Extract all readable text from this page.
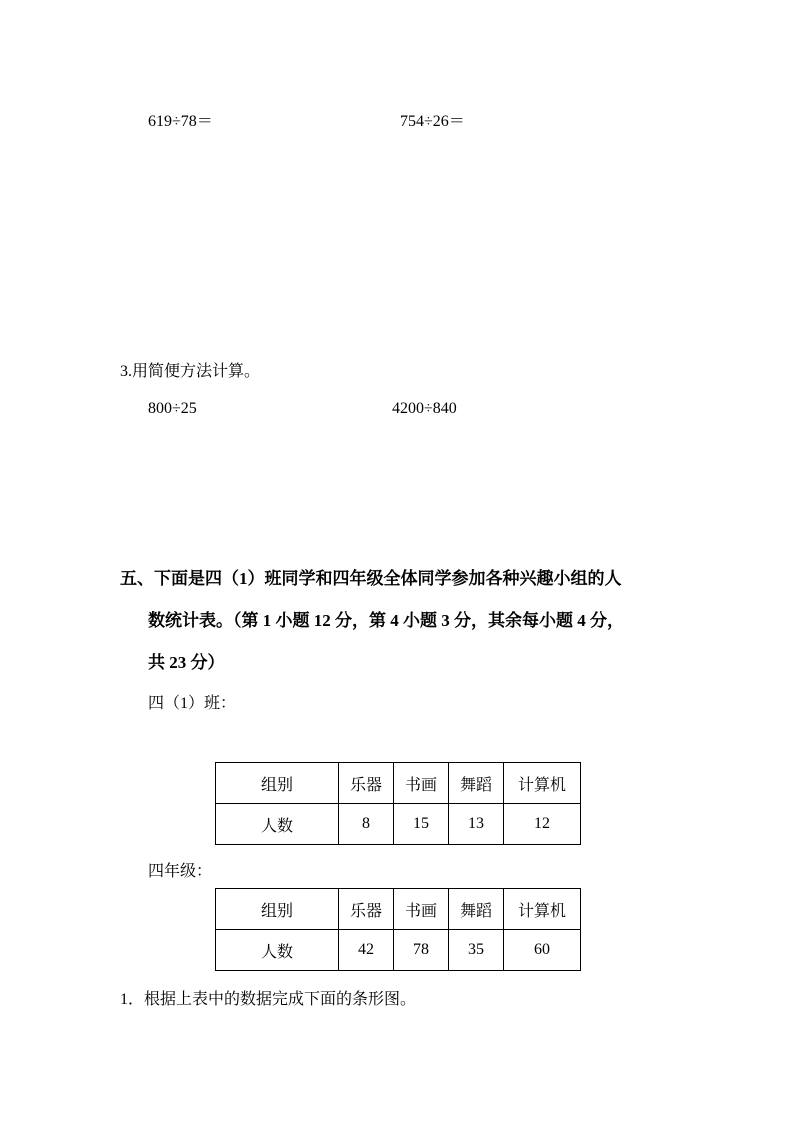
619÷78＝	754÷26＝
3.用简便方法计算。
800÷25	4200÷840
五、下面是四（1）班同学和四年级全体同学参加各种兴趣小组的人
数统计表。（第 1 小题 12 分，第 4 小题 3 分，其余每小题 4 分，
共 23 分）
四（1）班：
组别	乐器	书画	舞蹈	计算机
人数	8	15	13	12
四年级：
组别	乐器	书画	舞蹈	计算机
人数	42	78	35	60
1．根据上表中的数据完成下面的条形图。
